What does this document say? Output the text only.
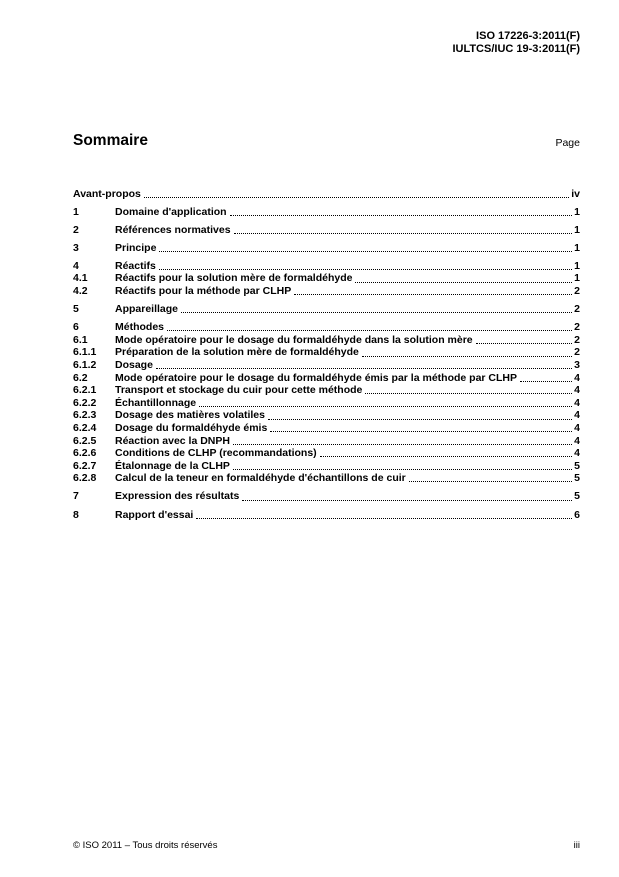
ISO 17226-3:2011(F)
IULTCS/IUC 19-3:2011(F)
Sommaire	Page
Avant-propos	iv
1	Domaine d'application	1
2	Références normatives	1
3	Principe	1
4	Réactifs	1
4.1	Réactifs pour la solution mère de formaldéhyde	1
4.2	Réactifs pour la méthode par CLHP	2
5	Appareillage	2
6	Méthodes	2
6.1	Mode opératoire pour le dosage du formaldéhyde dans la solution mère	2
6.1.1	Préparation de la solution mère de formaldéhyde	2
6.1.2	Dosage	3
6.2	Mode opératoire pour le dosage du formaldéhyde émis par la méthode par CLHP	4
6.2.1	Transport et stockage du cuir pour cette méthode	4
6.2.2	Échantillonnage	4
6.2.3	Dosage des matières volatiles	4
6.2.4	Dosage du formaldéhyde émis	4
6.2.5	Réaction avec la DNPH	4
6.2.6	Conditions de CLHP (recommandations)	4
6.2.7	Étalonnage de la CLHP	5
6.2.8	Calcul de la teneur en formaldéhyde d'échantillons de cuir	5
7	Expression des résultats	5
8	Rapport d'essai	6
© ISO 2011 – Tous droits réservés	iii
